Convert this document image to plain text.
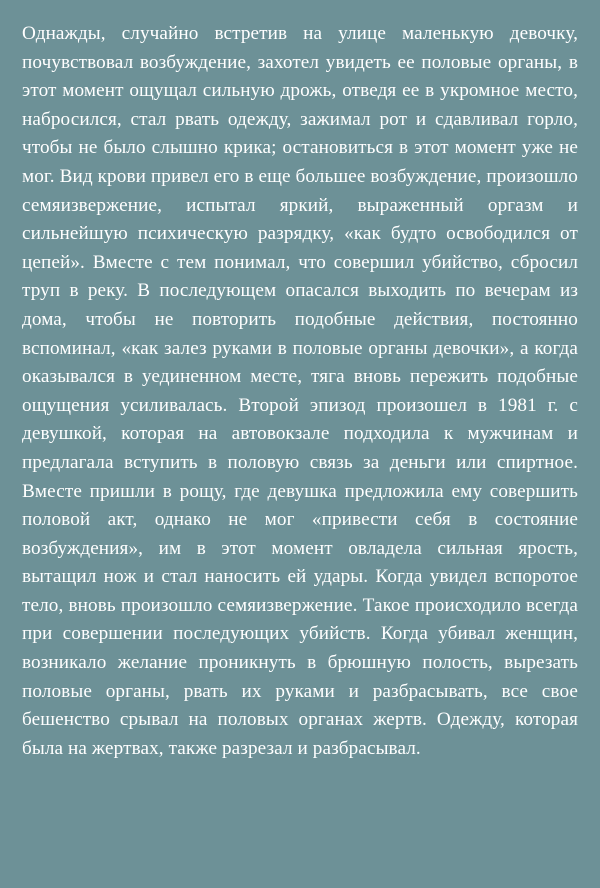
Однажды, случайно встретив на улице маленькую девочку, почувствовал возбуждение, захотел увидеть ее половые органы, в этот момент ощущал сильную дрожь, отведя ее в укромное место, набросился, стал рвать одежду, зажимал рот и сдавливал горло, чтобы не было слышно крика; остановиться в этот момент уже не мог. Вид крови привел его в еще большее возбуждение, произошло семяизвержение, испытал яркий, выраженный оргазм и сильнейшую психическую разрядку, «как будто освободился от цепей». Вместе с тем понимал, что совершил убийство, сбросил труп в реку. В последующем опасался выходить по вечерам из дома, чтобы не повторить подобные действия, постоянно вспоминал, «как залез руками в половые органы девочки», а когда оказывался в уединенном месте, тяга вновь пережить подобные ощущения усиливалась. Второй эпизод произошел в 1981 г. с девушкой, которая на автовокзале подходила к мужчинам и предлагала вступить в половую связь за деньги или спиртное. Вместе пришли в рощу, где девушка предложила ему совершить половой акт, однако не мог «привести себя в состояние возбуждения», им в этот момент овладела сильная ярость, вытащил нож и стал наносить ей удары. Когда увидел вспоротое тело, вновь произошло семяизвержение. Такое происходило всегда при совершении последующих убийств. Когда убивал женщин, возникало желание проникнуть в брюшную полость, вырезать половые органы, рвать их руками и разбрасывать, все свое бешенство срывал на половых органах жертв. Одежду, которая была на жертвах, также разрезал и разбрасывал.
